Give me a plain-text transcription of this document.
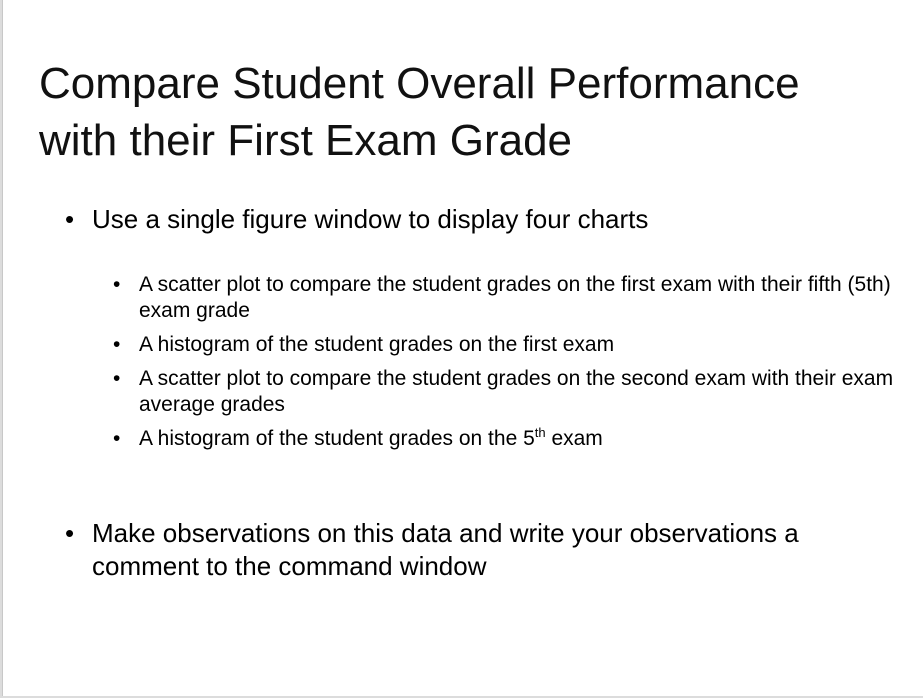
Compare Student Overall Performance
with their First Exam Grade
• Use a single figure window to display four charts
• A scatter plot to compare the student grades on the first exam with their fifth (5th) exam grade
• A histogram of the student grades on the first exam
• A scatter plot to compare the student grades on the second exam with their exam average grades
• A histogram of the student grades on the 5th exam
• Make observations on this data and write your observations a comment to the command window
